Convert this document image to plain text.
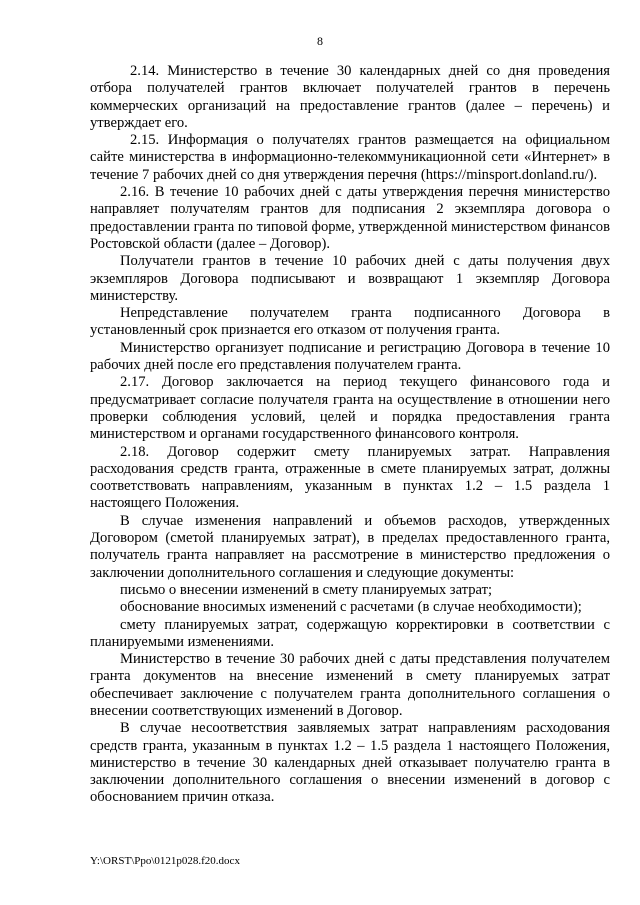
8

2.14. Министерство в течение 30 календарных дней со дня проведения отбора получателей грантов включает получателей грантов в перечень коммерческих организаций на предоставление грантов (далее – перечень) и утверждает его.

2.15. Информация о получателях грантов размещается на официальном сайте министерства в информационно-телекоммуникационной сети «Интернет» в течение 7 рабочих дней со дня утверждения перечня (https://minsport.donland.ru/).

2.16. В течение 10 рабочих дней с даты утверждения перечня министерство направляет получателям грантов для подписания 2 экземпляра договора о предоставлении гранта по типовой форме, утвержденной министерством финансов Ростовской области (далее – Договор).

Получатели грантов в течение 10 рабочих дней с даты получения двух экземпляров Договора подписывают и возвращают 1 экземпляр Договора министерству.

Непредставление получателем гранта подписанного Договора в установленный срок признается его отказом от получения гранта.

Министерство организует подписание и регистрацию Договора в течение 10 рабочих дней после его представления получателем гранта.

2.17. Договор заключается на период текущего финансового года и предусматривает согласие получателя гранта на осуществление в отношении него проверки соблюдения условий, целей и порядка предоставления гранта министерством и органами государственного финансового контроля.

2.18. Договор содержит смету планируемых затрат. Направления расходования средств гранта, отраженные в смете планируемых затрат, должны соответствовать направлениям, указанным в пунктах 1.2 – 1.5 раздела 1 настоящего Положения.

В случае изменения направлений и объемов расходов, утвержденных Договором (сметой планируемых затрат), в пределах предоставленного гранта, получатель гранта направляет на рассмотрение в министерство предложения о заключении дополнительного соглашения и следующие документы:

письмо о внесении изменений в смету планируемых затрат;

обоснование вносимых изменений с расчетами (в случае необходимости);

смету планируемых затрат, содержащую корректировки в соответствии с планируемыми изменениями.

Министерство в течение 30 рабочих дней с даты представления получателем гранта документов на внесение изменений в смету планируемых затрат обеспечивает заключение с получателем гранта дополнительного соглашения о внесении соответствующих изменений в Договор.

В случае несоответствия заявляемых затрат направлениям расходования средств гранта, указанным в пунктах 1.2 – 1.5 раздела 1 настоящего Положения, министерство в течение 30 календарных дней отказывает получателю гранта в заключении дополнительного соглашения о внесении изменений в договор с обоснованием причин отказа.

Y:\ORST\Ppo\0121p028.f20.docx
